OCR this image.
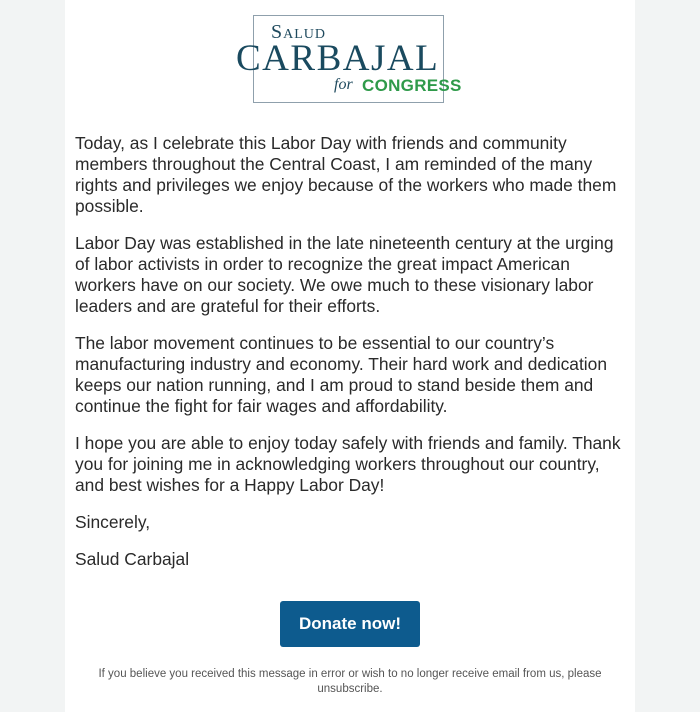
Salud
CARBAJAL
for CONGRESS

Today, as I celebrate this Labor Day with friends and community members throughout the Central Coast, I am reminded of the many rights and privileges we enjoy because of the workers who made them possible.

Labor Day was established in the late nineteenth century at the urging of labor activists in order to recognize the great impact American workers have on our society. We owe much to these visionary labor leaders and are grateful for their efforts.

The labor movement continues to be essential to our country’s manufacturing industry and economy. Their hard work and dedication keeps our nation running, and I am proud to stand beside them and continue the fight for fair wages and affordability.

I hope you are able to enjoy today safely with friends and family. Thank you for joining me in acknowledging workers throughout our country, and best wishes for a Happy Labor Day!

Sincerely,

Salud Carbajal

Donate now!
If you believe you received this message in error or wish to no longer receive email from us, please unsubscribe.
